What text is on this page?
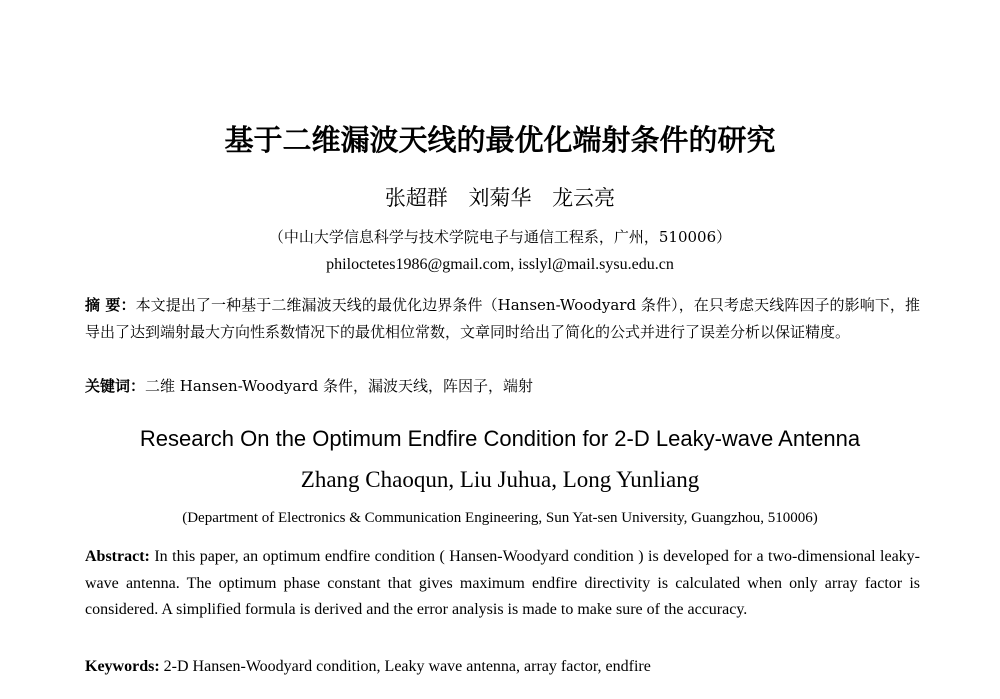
基于二维漏波天线的最优化端射条件的研究
张超群 刘菊华 龙云亮
（中山大学信息科学与技术学院电子与通信工程系，广州，510006）
philoctetes1986@gmail.com, isslyl@mail.sysu.edu.cn
摘 要：本文提出了一种基于二维漏波天线的最优化边界条件（Hansen-Woodyard 条件），在只考虑天线阵因子的影响下，推导出了达到端射最大方向性系数情况下的最优相位常数，文章同时给出了简化的公式并进行了误差分析以保证精度。
关键词：二维 Hansen-Woodyard 条件，漏波天线，阵因子，端射
Research On the Optimum Endfire Condition for 2-D Leaky-wave Antenna
Zhang Chaoqun, Liu Juhua, Long Yunliang
(Department of Electronics & Communication Engineering, Sun Yat-sen University, Guangzhou, 510006)
Abstract: In this paper, an optimum endfire condition ( Hansen-Woodyard condition ) is developed for a two-dimensional leaky-wave antenna. The optimum phase constant that gives maximum endfire directivity is calculated when only array factor is considered. A simplified formula is derived and the error analysis is made to make sure of the accuracy.
Keywords: 2-D Hansen-Woodyard condition, Leaky wave antenna, array factor, endfire
